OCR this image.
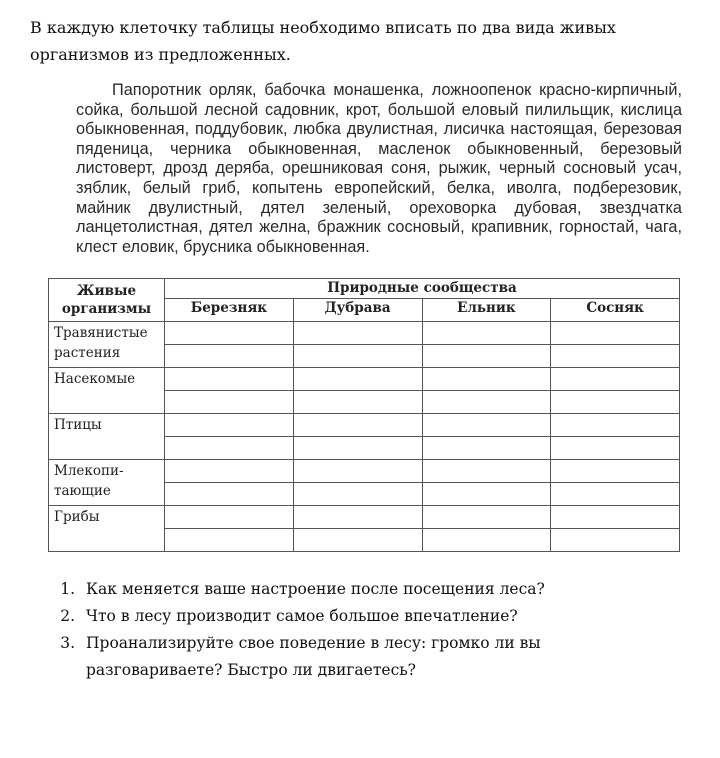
В каждую клеточку таблицы необходимо вписать по два вида живых организмов из предложенных.
Папоротник орляк, бабочка монашенка, ложноопенок красно-кирпичный, сойка, большой лесной садовник, крот, большой еловый пилильщик, кислица обыкновенная, поддубовик, любка двулистная, лисичка настоящая, березовая пяденица, черника обыкновенная, масленок обыкновенный, березовый листоверт, дрозд деряба, орешниковая соня, рыжик, черный сосновый усач, зяблик, белый гриб, копытень европейский, белка, иволга, подберезовик, майник двулистный, дятел зеленый, ореховорка дубовая, звездчатка ланцетолистная, дятел желна, бражник сосновый, крапивник, горностай, чага, клест еловик, брусника обыкновенная.
Живые организмы	Природные сообщества			
	Березняк	Дубрава	Ельник	Сосняк
Травянистые растения				

Насекомые				

Птицы				

Млекопи-тающие				

Грибы				

1. Как меняется ваше настроение после посещения леса?
2. Что в лесу производит самое большое впечатление?
3. Проанализируйте свое поведение в лесу: громко ли вы разговариваете? Быстро ли двигаетесь?
